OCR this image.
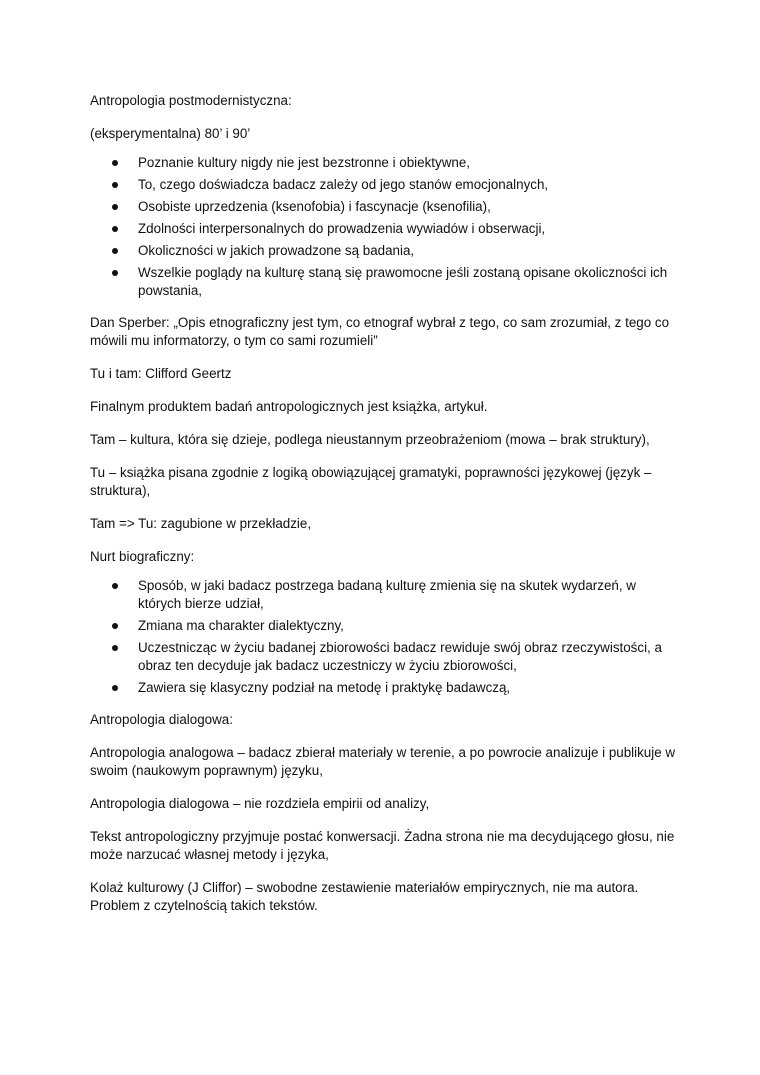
Antropologia postmodernistyczna:

(eksperymentalna) 80’ i 90’

Poznanie kultury nigdy nie jest bezstronne i obiektywne,
To, czego doświadcza badacz zależy od jego stanów emocjonalnych,
Osobiste uprzedzenia (ksenofobia) i fascynacje (ksenofilia),
Zdolności interpersonalnych do prowadzenia wywiadów i obserwacji,
Okoliczności w jakich prowadzone są badania,
Wszelkie poglądy na kulturę staną się prawomocne jeśli zostaną opisane okoliczności ich powstania,

Dan Sperber: „Opis etnograficzny jest tym, co etnograf wybrał z tego, co sam zrozumiał, z tego co mówili mu informatorzy, o tym co sami rozumieli”

Tu i tam: Clifford Geertz

Finalnym produktem badań antropologicznych jest książka, artykuł.

Tam – kultura, która się dzieje, podlega nieustannym przeobrażeniom (mowa – brak struktury),

Tu – książka pisana zgodnie z logiką obowiązującej gramatyki, poprawności językowej (język – struktura),

Tam => Tu: zagubione w przekładzie,

Nurt biograficzny:

Sposób, w jaki badacz postrzega badaną kulturę zmienia się na skutek wydarzeń, w których bierze udział,
Zmiana ma charakter dialektyczny,
Uczestnicząc w życiu badanej zbiorowości badacz rewiduje swój obraz rzeczywistości, a obraz ten decyduje jak badacz uczestniczy w życiu zbiorowości,
Zawiera się klasyczny podział na metodę i praktykę badawczą,

Antropologia dialogowa:

Antropologia analogowa – badacz zbierał materiały w terenie, a po powrocie analizuje i publikuje w swoim (naukowym poprawnym) języku,

Antropologia dialogowa – nie rozdziela empirii od analizy,

Tekst antropologiczny przyjmuje postać konwersacji. Żadna strona nie ma decydującego głosu, nie może narzucać własnej metody i języka,

Kolaż kulturowy (J Cliffor) – swobodne zestawienie materiałów empirycznych, nie ma autora.
Problem z czytelnością takich tekstów.
